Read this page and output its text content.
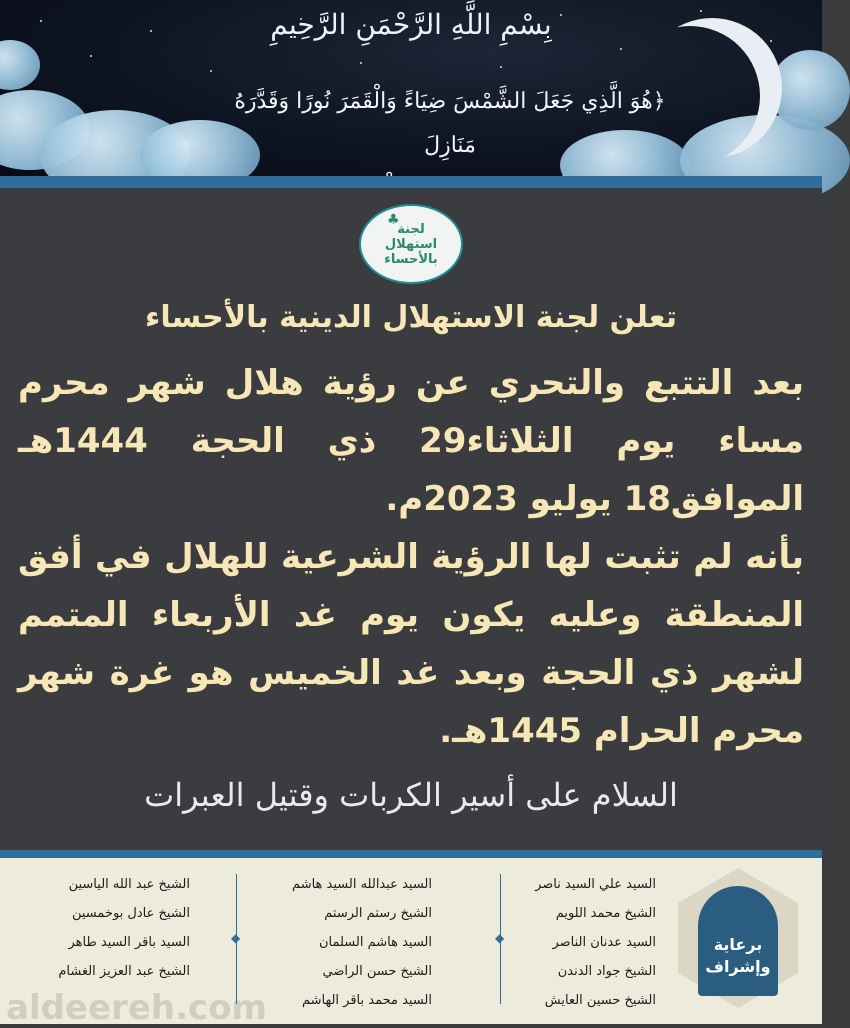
بِسْمِ اللَّهِ الرَّحْمَنِ الرَّحِيمِ
﴿هُوَ الَّذِي جَعَلَ الشَّمْسَ ضِيَاءً وَالْقَمَرَ نُورًا وَقَدَّرَهُ مَنَازِلَ
♣
لجنة
استهلال
بالأحساء
تعلن لجنة الاستهلال الدينية بالأحساء

بعد التتبع والتحري عن رؤية هلال شهر محرم مساء يوم الثلاثاء29 ذي الحجة 1444هـ الموافق18 يوليو 2023م.

بأنه لم تثبت لها الرؤية الشرعية للهلال في أفق المنطقة وعليه يكون يوم غد الأربعاء المتمم لشهر ذي الحجة وبعد غد الخميس هو غرة شهر محرم الحرام 1445هـ.

السلام على أسير الكربات وقتيل العبرات
برعاية وإشراف
السيد علي السيد ناصر
الشيخ محمد اللويم
السيد عدنان الناصر
الشيخ جواد الدندن
الشيخ حسين العايش
◆
السيد عبدالله السيد هاشم
الشيخ رستم الرستم
السيد هاشم السلمان
الشيخ حسن الراضي
السيد محمد باقر الهاشم
◆
الشيخ عبد الله الياسين
الشيخ عادل بوخمسين
السيد باقر السيد طاهر
الشيخ عبد العزيز الغشام
aldeereh.com
